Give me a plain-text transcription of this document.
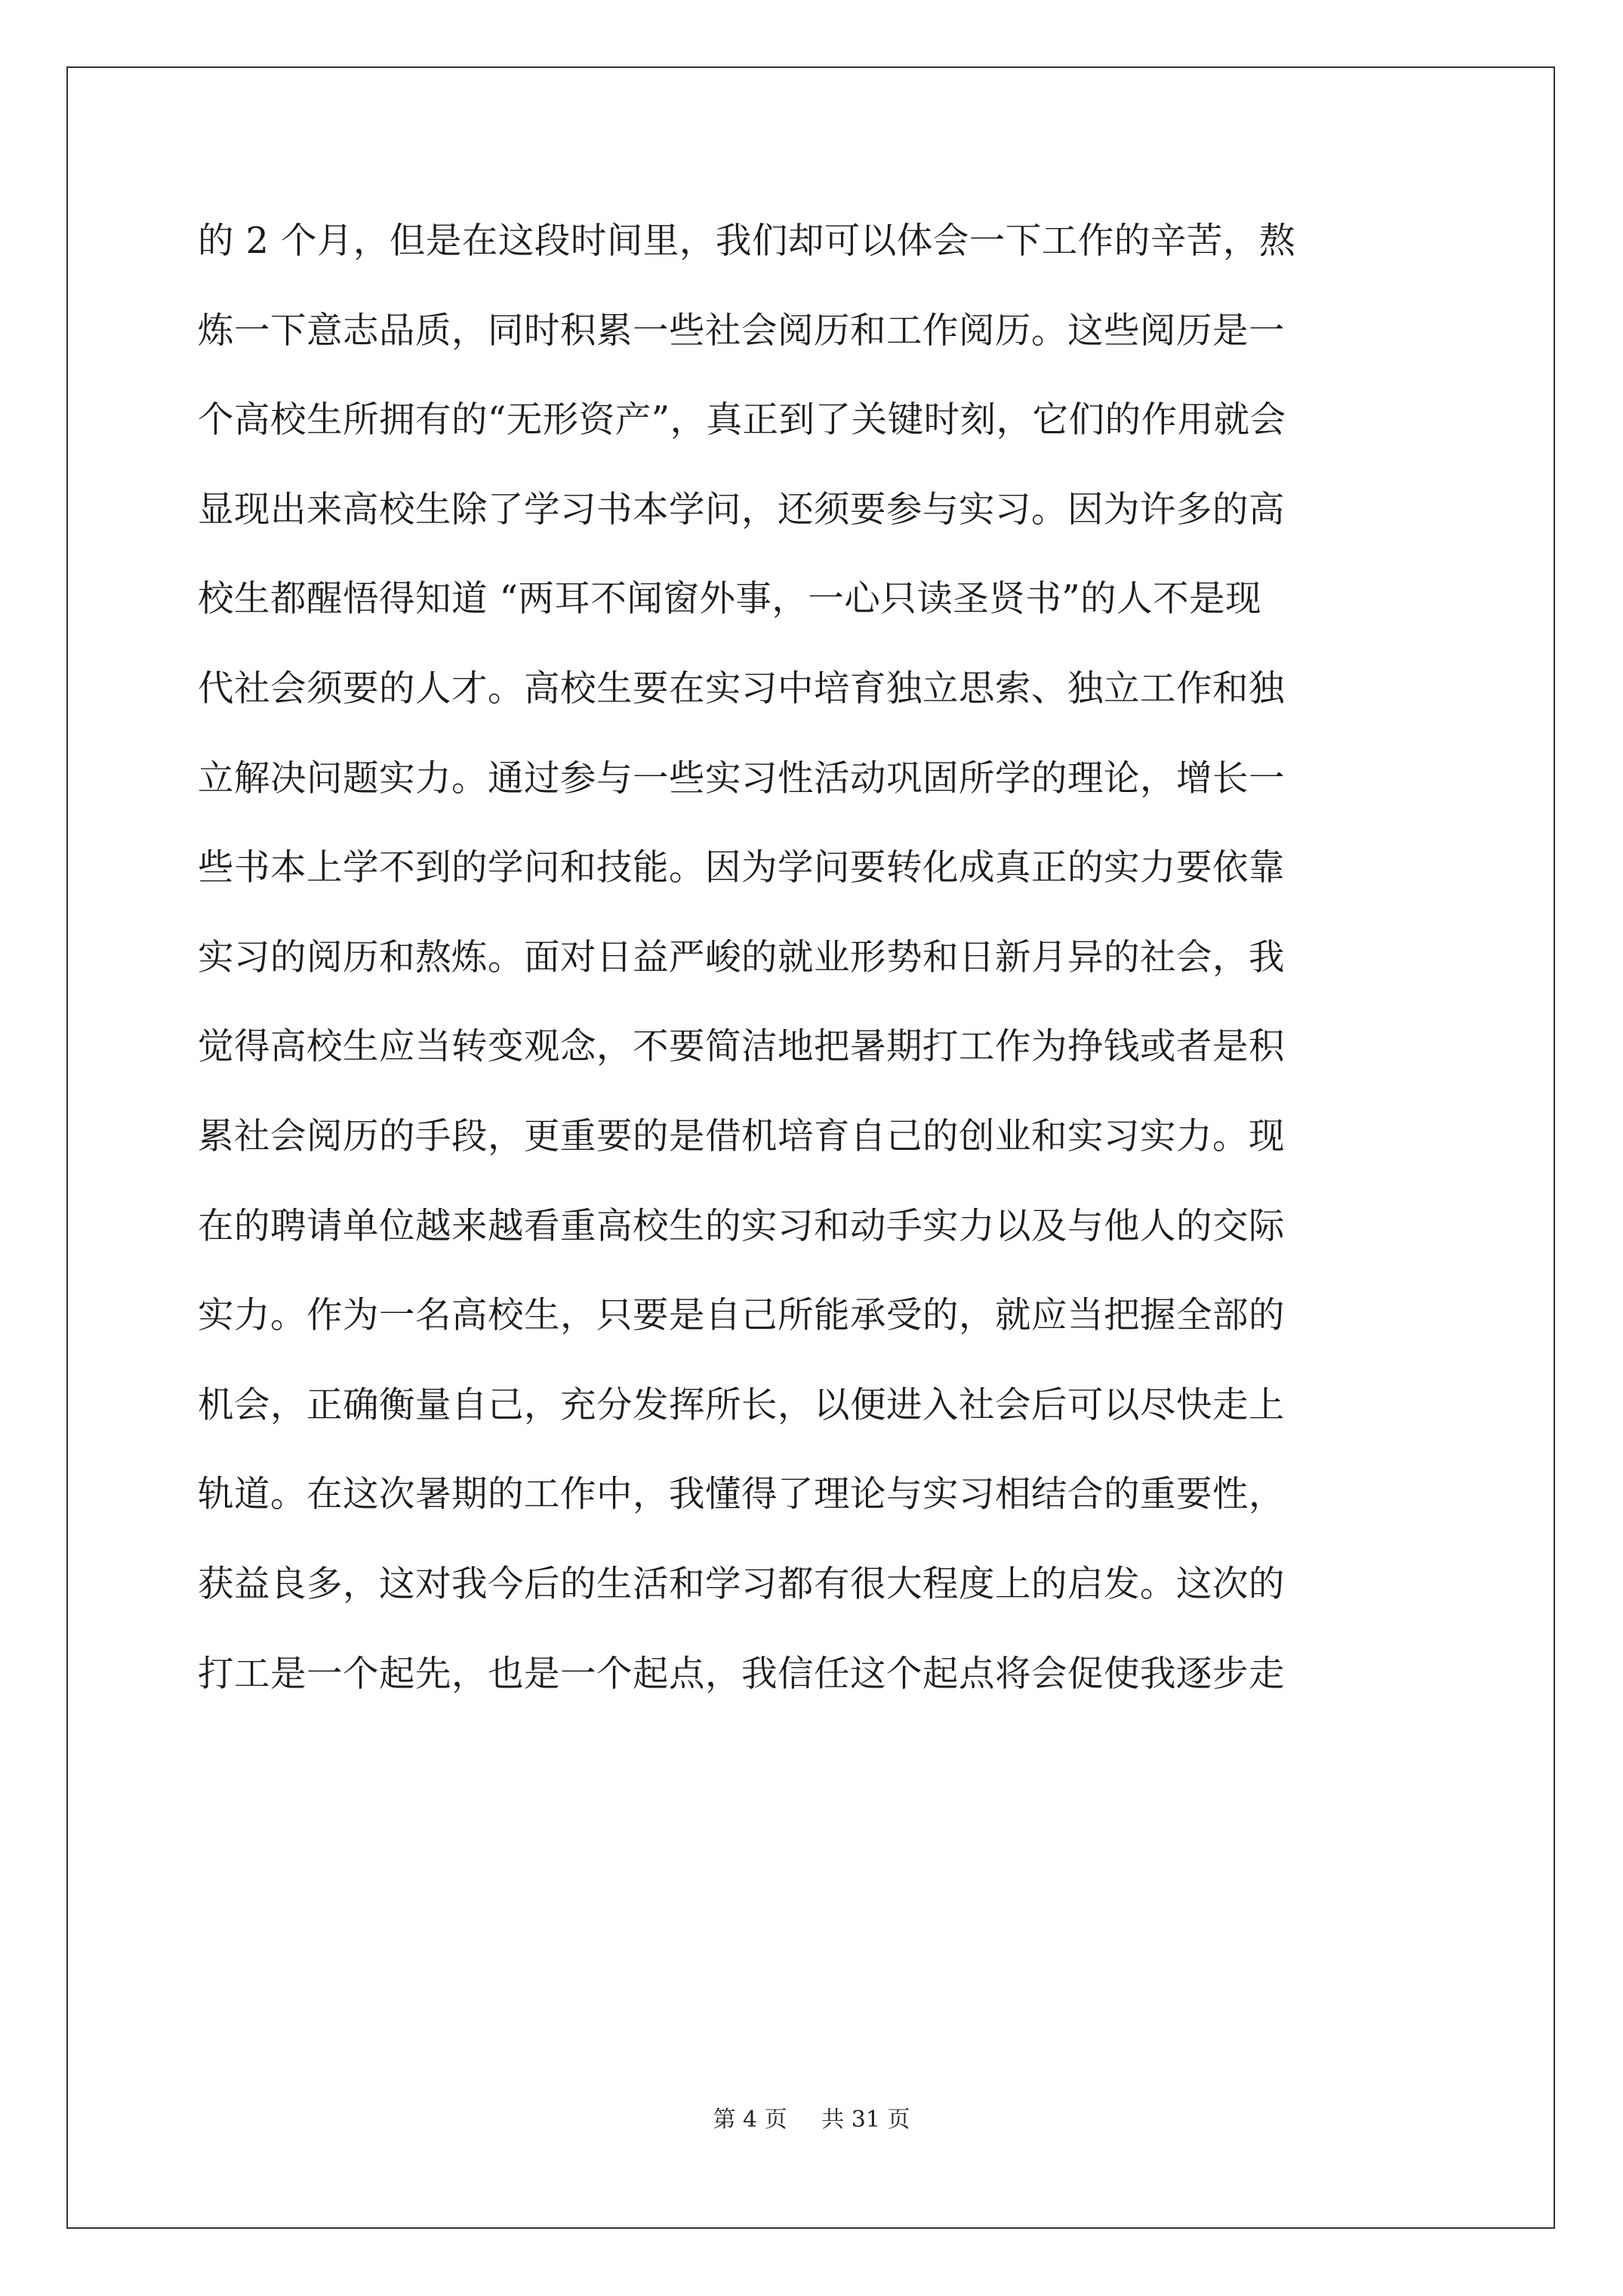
的 2 个月，但是在这段时间里，我们却可以体会一下工作的辛苦，熬
炼一下意志品质，同时积累一些社会阅历和工作阅历。这些阅历是一
个高校生所拥有的“无形资产”，真正到了关键时刻，它们的作用就会
显现出来高校生除了学习书本学问，还须要参与实习。因为许多的高
校生都醒悟得知道 “两耳不闻窗外事，一心只读圣贤书”的人不是现
代社会须要的人才。高校生要在实习中培育独立思索、独立工作和独
立解决问题实力。通过参与一些实习性活动巩固所学的理论，增长一
些书本上学不到的学问和技能。因为学问要转化成真正的实力要依靠
实习的阅历和熬炼。面对日益严峻的就业形势和日新月异的社会，我
觉得高校生应当转变观念，不要简洁地把暑期打工作为挣钱或者是积
累社会阅历的手段，更重要的是借机培育自己的创业和实习实力。现
在的聘请单位越来越看重高校生的实习和动手实力以及与他人的交际
实力。作为一名高校生，只要是自己所能承受的，就应当把握全部的
机会，正确衡量自己，充分发挥所长，以便进入社会后可以尽快走上
轨道。在这次暑期的工作中，我懂得了理论与实习相结合的重要性，
获益良多，这对我今后的生活和学习都有很大程度上的启发。这次的
打工是一个起先，也是一个起点，我信任这个起点将会促使我逐步走
第 4 页 共 31 页
